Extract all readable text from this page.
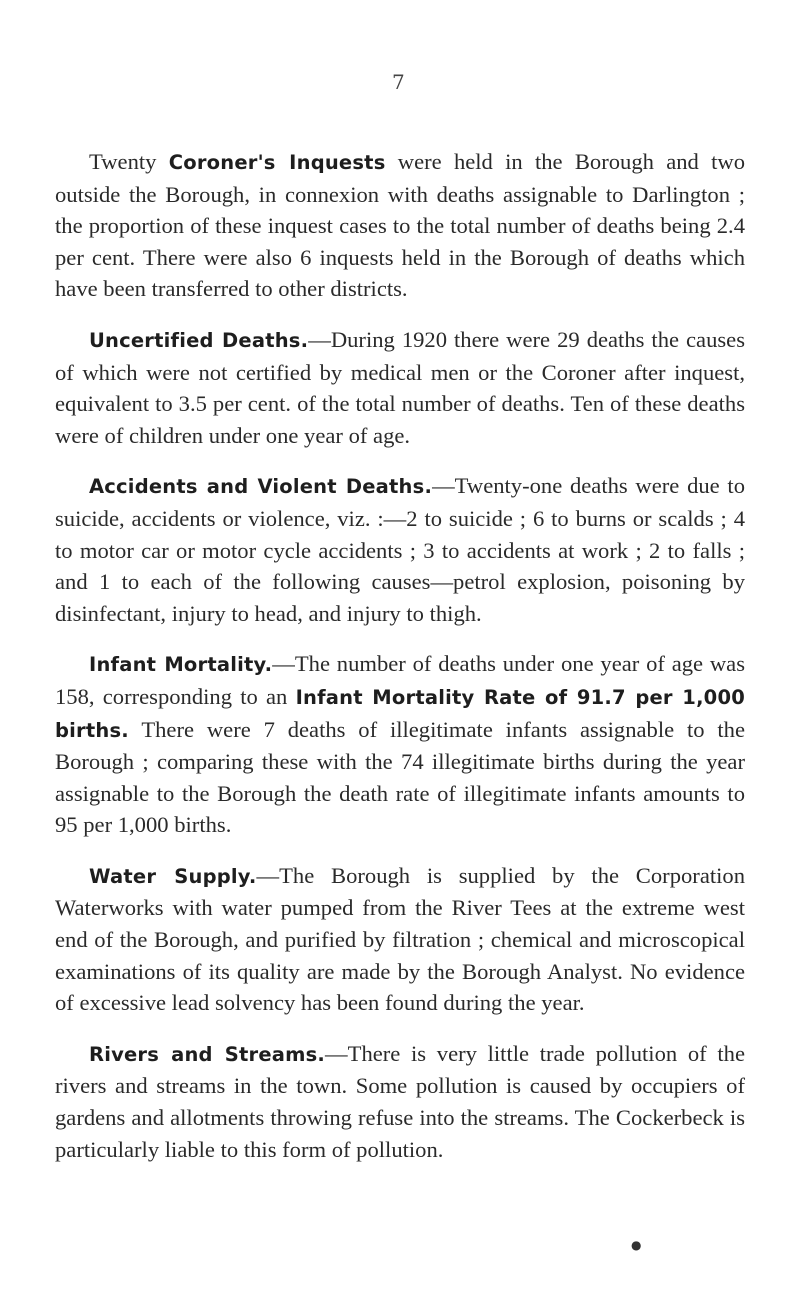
7

Twenty Coroner's Inquests were held in the Borough and two outside the Borough, in connexion with deaths assignable to Darlington ; the proportion of these inquest cases to the total number of deaths being 2.4 per cent. There were also 6 inquests held in the Borough of deaths which have been transferred to other districts.

Uncertified Deaths.—During 1920 there were 29 deaths the causes of which were not certified by medical men or the Coroner after inquest, equivalent to 3.5 per cent. of the total number of deaths. Ten of these deaths were of children under one year of age.

Accidents and Violent Deaths.—Twenty-one deaths were due to suicide, accidents or violence, viz. :—2 to suicide ; 6 to burns or scalds ; 4 to motor car or motor cycle accidents ; 3 to accidents at work ; 2 to falls ; and 1 to each of the following causes—petrol explosion, poisoning by disinfectant, injury to head, and injury to thigh.

Infant Mortality.—The number of deaths under one year of age was 158, corresponding to an Infant Mortality Rate of 91.7 per 1,000 births. There were 7 deaths of illegitimate infants assignable to the Borough ; comparing these with the 74 illegitimate births during the year assignable to the Borough the death rate of illegitimate infants amounts to 95 per 1,000 births.

Water Supply.—The Borough is supplied by the Corporation Waterworks with water pumped from the River Tees at the extreme west end of the Borough, and purified by filtration ; chemical and microscopical examinations of its quality are made by the Borough Analyst. No evidence of excessive lead solvency has been found during the year.

Rivers and Streams.—There is very little trade pollution of the rivers and streams in the town. Some pollution is caused by occupiers of gardens and allotments throwing refuse into the streams. The Cockerbeck is particularly liable to this form of pollution.

●
